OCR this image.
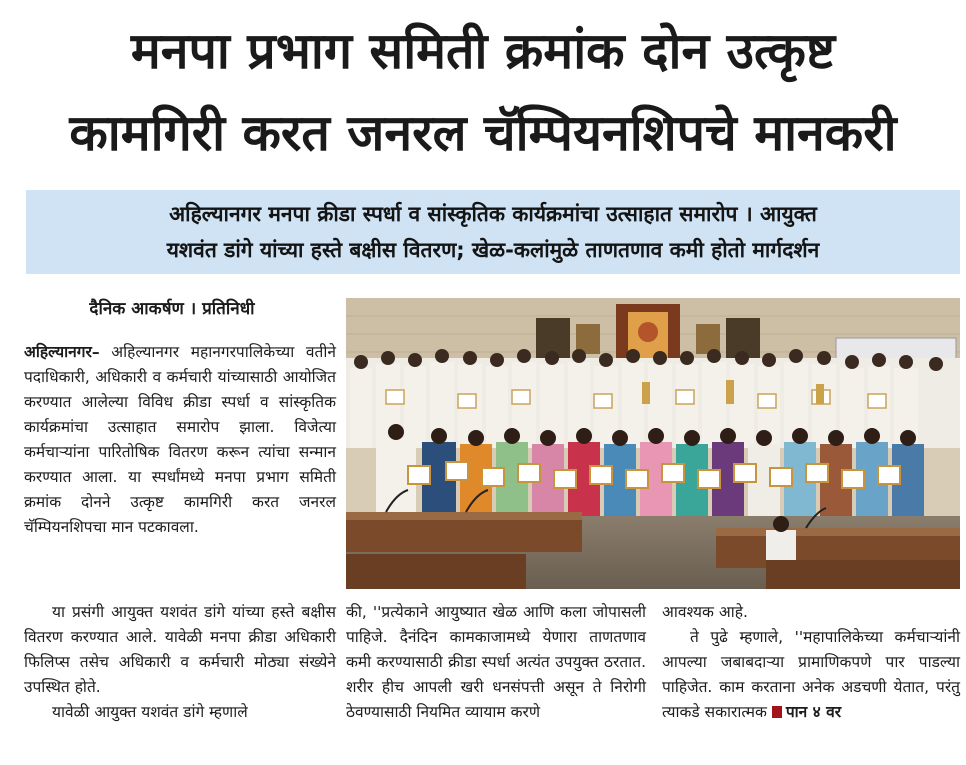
मनपा प्रभाग समिती क्रमांक दोन उत्कृष्ट
कामगिरी करत जनरल चॅम्पियनशिपचे मानकरी
अहिल्यानगर मनपा क्रीडा स्पर्धा व सांस्कृतिक कार्यक्रमांचा उत्साहात समारोप । आयुक्त
यशवंत डांगे यांच्या हस्ते बक्षीस वितरण; खेळ-कलांमुळे ताणतणाव कमी होतो मार्गदर्शन
दैनिक आकर्षण । प्रतिनिधी

अहिल्यानगर– अहिल्यानगर महानगरपालिकेच्या वतीने पदाधिकारी, अधिकारी व कर्मचारी यांच्यासाठी आयोजित करण्यात आलेल्या विविध क्रीडा स्पर्धा व सांस्कृतिक कार्यक्रमांचा उत्साहात समारोप झाला. विजेत्या कर्मचाऱ्यांना पारितोषिक वितरण करून त्यांचा सन्मान करण्यात आला. या स्पर्धांमध्ये मनपा प्रभाग समिती क्रमांक दोनने उत्कृष्ट कामगिरी करत जनरल चॅम्पियनशिपचा मान पटकावला.

या प्रसंगी आयुक्त यशवंत डांगे यांच्या हस्ते बक्षीस वितरण करण्यात आले. यावेळी मनपा क्रीडा अधिकारी फिलिप्स तसेच अधिकारी व कर्मचारी मोठ्या संख्येने उपस्थित होते.

यावेळी आयुक्त यशवंत डांगे म्हणाले

की, ''प्रत्येकाने आयुष्यात खेळ आणि कला जोपासली पाहिजे. दैनंदिन कामकाजामध्ये येणारा ताणतणाव कमी करण्यासाठी क्रीडा स्पर्धा अत्यंत उपयुक्त ठरतात. शरीर हीच आपली खरी धनसंपत्ती असून ते निरोगी ठेवण्यासाठी नियमित व्यायाम करणे

आवश्यक आहे.

ते पुढे म्हणाले, ''महापालिकेच्या कर्मचाऱ्यांनी आपल्या जबाबदाऱ्या प्रामाणिकपणे पार पाडल्या पाहिजेत. काम करताना अनेक अडचणी येतात, परंतु त्याकडे सकारात्मक पान ४ वर
